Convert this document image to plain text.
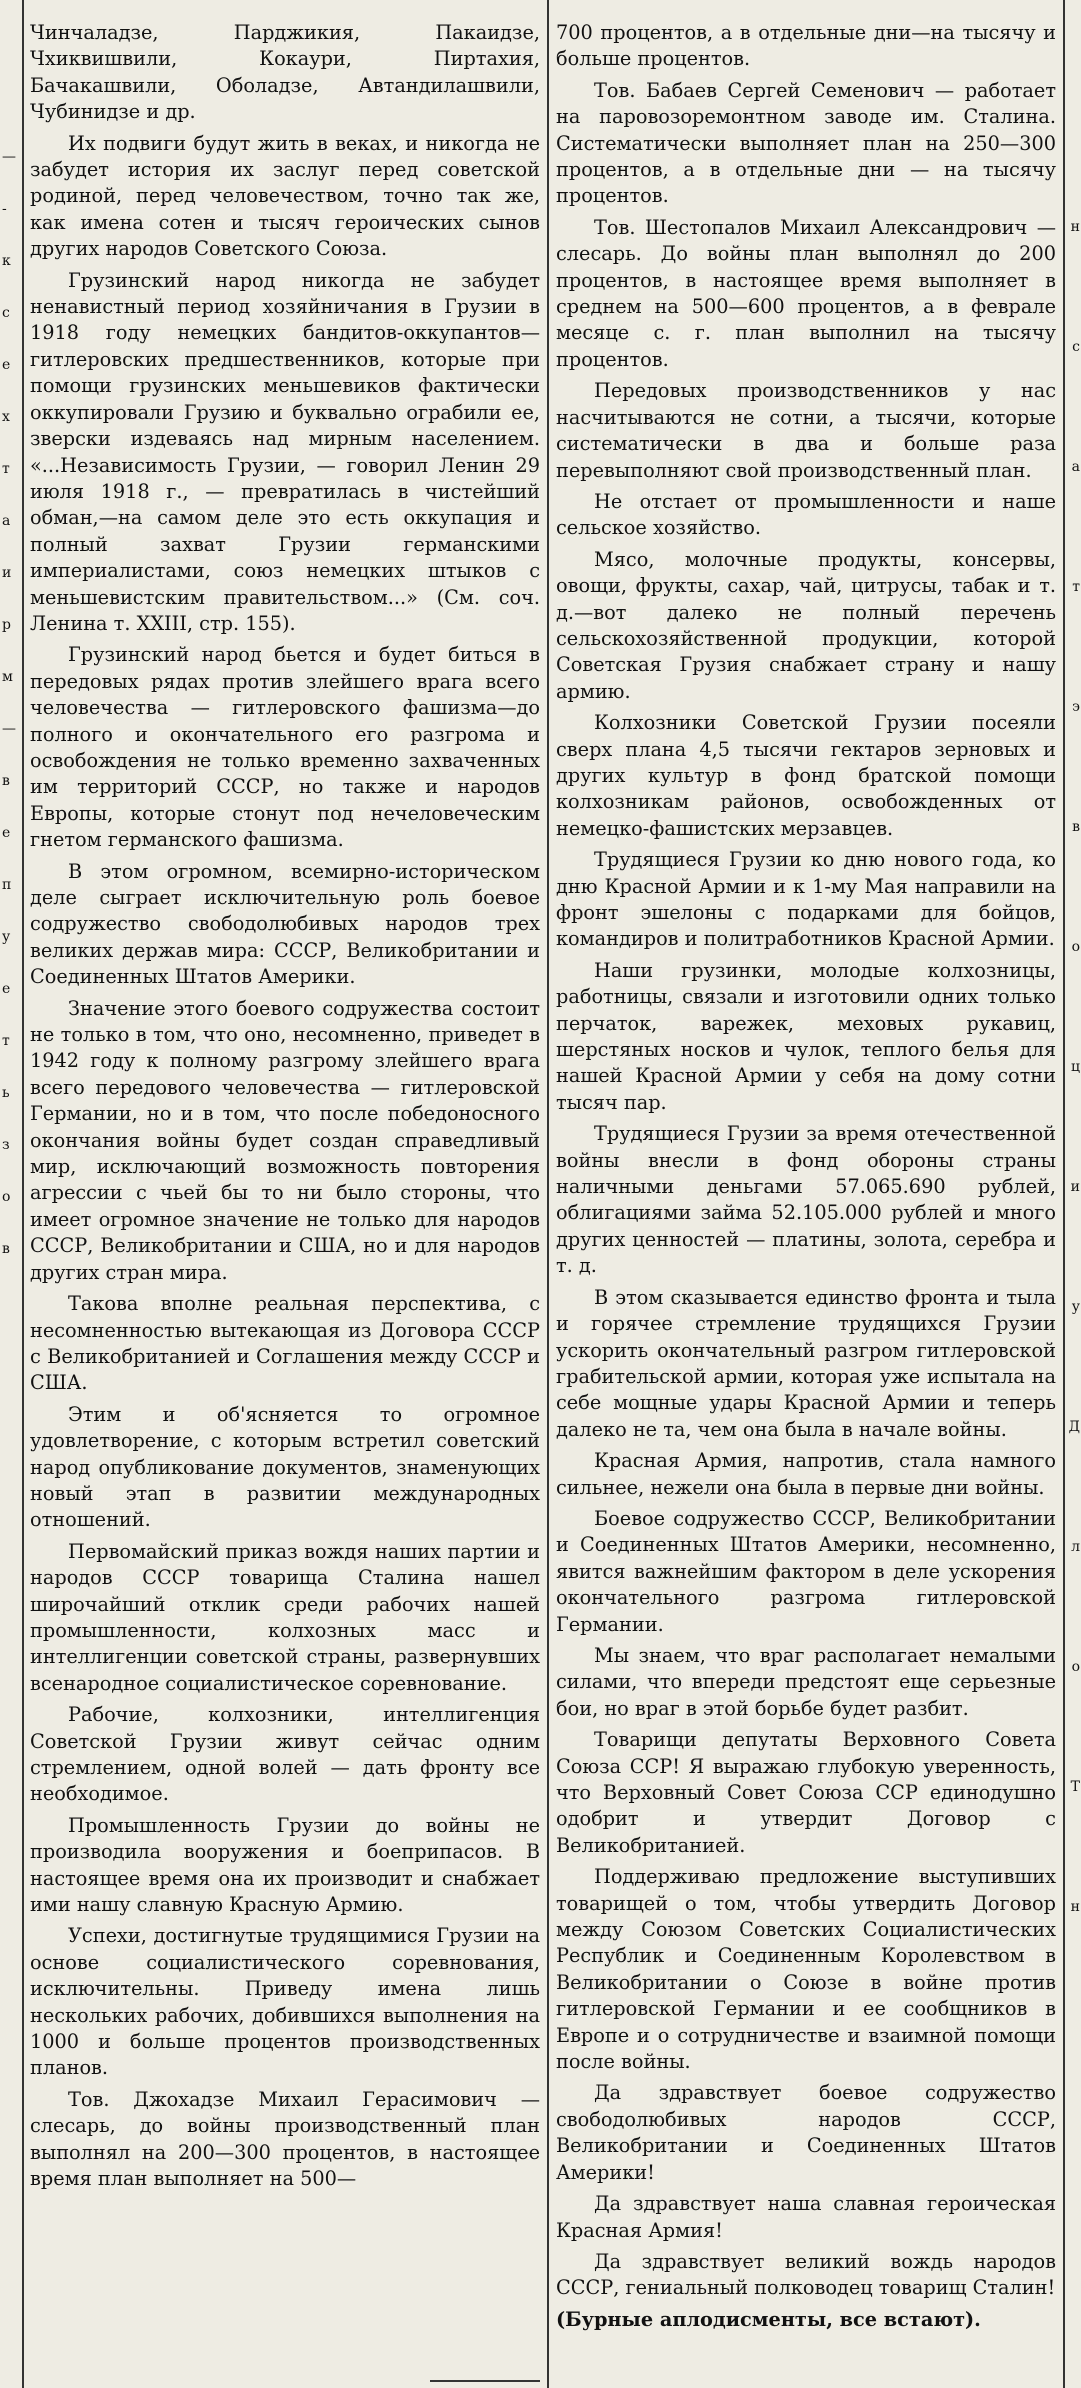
—
-
к
с
е
х
т
а
и
р
м
—
в
е
п
у
е
т
ь
з
о
в

Чинчаладзе, Парджикия, Пакаидзе, Чхиквишвили, Кокаури, Пиртахия, Бачакашвили, Оболадзе, Автандилашвили, Чубинидзе и др.

Их подвиги будут жить в веках, и никогда не забудет история их заслуг перед советской родиной, перед человечеством, точно так же, как имена сотен и тысяч героических сынов других народов Советского Союза.

Грузинский народ никогда не забудет ненавистный период хозяйничания в Грузии в 1918 году немецких бандитов-оккупантов—гитлеровских предшественников, которые при помощи грузинских меньшевиков фактически оккупировали Грузию и буквально ограбили ее, зверски издеваясь над мирным населением. «...Независимость Грузии, — говорил Ленин 29 июля 1918 г., — превратилась в чистейший обман,—на самом деле это есть оккупация и полный захват Грузии германскими империалистами, союз немецких штыков с меньшевистским правительством...» (См. соч. Ленина т. XXIII, стр. 155).

Грузинский народ бьется и будет биться в передовых рядах против злейшего врага всего человечества — гитлеровского фашизма—до полного и окончательного его разгрома и освобождения не только временно захваченных им территорий СССР, но также и народов Европы, которые стонут под нечеловеческим гнетом германского фашизма.

В этом огромном, всемирно-историческом деле сыграет исключительную роль боевое содружество свободолюбивых народов трех великих держав мира: СССР, Великобритании и Соединенных Штатов Америки.

Значение этого боевого содружества состоит не только в том, что оно, несомненно, приведет в 1942 году к полному разгрому злейшего врага всего передового человечества — гитлеровской Германии, но и в том, что после победоносного окончания войны будет создан справедливый мир, исключающий возможность повторения агрессии с чьей бы то ни было стороны, что имеет огромное значение не только для народов СССР, Великобритании и США, но и для народов других стран мира.

Такова вполне реальная перспектива, с несомненностью вытекающая из Договора СССР с Великобританией и Соглашения между СССР и США.

Этим и об'ясняется то огромное удовлетворение, с которым встретил советский народ опубликование документов, знаменующих новый этап в развитии международных отношений.

Первомайский приказ вождя наших партии и народов СССР товарища Сталина нашел широчайший отклик среди рабочих нашей промышленности, колхозных масс и интеллигенции советской страны, развернувших всенародное социалистическое соревнование.

Рабочие, колхозники, интеллигенция Советской Грузии живут сейчас одним стремлением, одной волей — дать фронту все необходимое.

Промышленность Грузии до войны не производила вооружения и боеприпасов. В настоящее время она их производит и снабжает ими нашу славную Красную Армию.

Успехи, достигнутые трудящимися Грузии на основе социалистического соревнования, исключительны. Приведу имена лишь нескольких рабочих, добившихся выполнения на 1000 и больше процентов производственных планов.

Тов. Джохадзе Михаил Герасимович — слесарь, до войны производственный план выполнял на 200—300 процентов, в настоящее время план выполняет на 500—

700 процентов, а в отдельные дни—на тысячу и больше процентов.

Тов. Бабаев Сергей Семенович — работает на паровозоремонтном заводе им. Сталина. Систематически выполняет план на 250—300 процентов, а в отдельные дни — на тысячу процентов.

Тов. Шестопалов Михаил Александрович — слесарь. До войны план выполнял до 200 процентов, в настоящее время выполняет в среднем на 500—600 процентов, а в феврале месяце с. г. план выполнил на тысячу процентов.

Передовых производственников у нас насчитываются не сотни, а тысячи, которые систематически в два и больше раза перевыполняют свой производственный план.

Не отстает от промышленности и наше сельское хозяйство.

Мясо, молочные продукты, консервы, овощи, фрукты, сахар, чай, цитрусы, табак и т. д.—вот далеко не полный перечень сельскохозяйственной продукции, которой Советская Грузия снабжает страну и нашу армию.

Колхозники Советской Грузии посеяли сверх плана 4,5 тысячи гектаров зерновых и других культур в фонд братской помощи колхозникам районов, освобожденных от немецко-фашистских мерзавцев.

Трудящиеся Грузии ко дню нового года, ко дню Красной Армии и к 1-му Мая направили на фронт эшелоны с подарками для бойцов, командиров и политработников Красной Армии.

Наши грузинки, молодые колхозницы, работницы, связали и изготовили одних только перчаток, варежек, меховых рукавиц, шерстяных носков и чулок, теплого белья для нашей Красной Армии у себя на дому сотни тысяч пар.

Трудящиеся Грузии за время отечественной войны внесли в фонд обороны страны наличными деньгами 57.065.690 рублей, облигациями займа 52.105.000 рублей и много других ценностей — платины, золота, серебра и т. д.

В этом сказывается единство фронта и тыла и горячее стремление трудящихся Грузии ускорить окончательный разгром гитлеровской грабительской армии, которая уже испытала на себе мощные удары Красной Армии и теперь далеко не та, чем она была в начале войны.

Красная Армия, напротив, стала намного сильнее, нежели она была в первые дни войны.

Боевое содружество СССР, Великобритании и Соединенных Штатов Америки, несомненно, явится важнейшим фактором в деле ускорения окончательного разгрома гитлеровской Германии.

Мы знаем, что враг располагает немалыми силами, что впереди предстоят еще серьезные бои, но враг в этой борьбе будет разбит.

Товарищи депутаты Верховного Совета Союза ССР! Я выражаю глубокую уверенность, что Верховный Совет Союза ССР единодушно одобрит и утвердит Договор с Великобританией.

Поддерживаю предложение выступивших товарищей о том, чтобы утвердить Договор между Союзом Советских Социалистических Республик и Соединенным Королевством в Великобритании о Союзе в войне против гитлеровской Германии и ее сообщников в Европе и о сотрудничестве и взаимной помощи после войны.

Да здравствует боевое содружество свободолюбивых народов СССР, Великобритании и Соединенных Штатов Америки!

Да здравствует наша славная героическая Красная Армия!

Да здравствует великий вождь народов СССР, гениальный полководец товарищ Сталин!

(Бурные аплодисменты, все встают).

н
с
а
т
э
в
о
ц
и
у
Д
л
о
Т
н
